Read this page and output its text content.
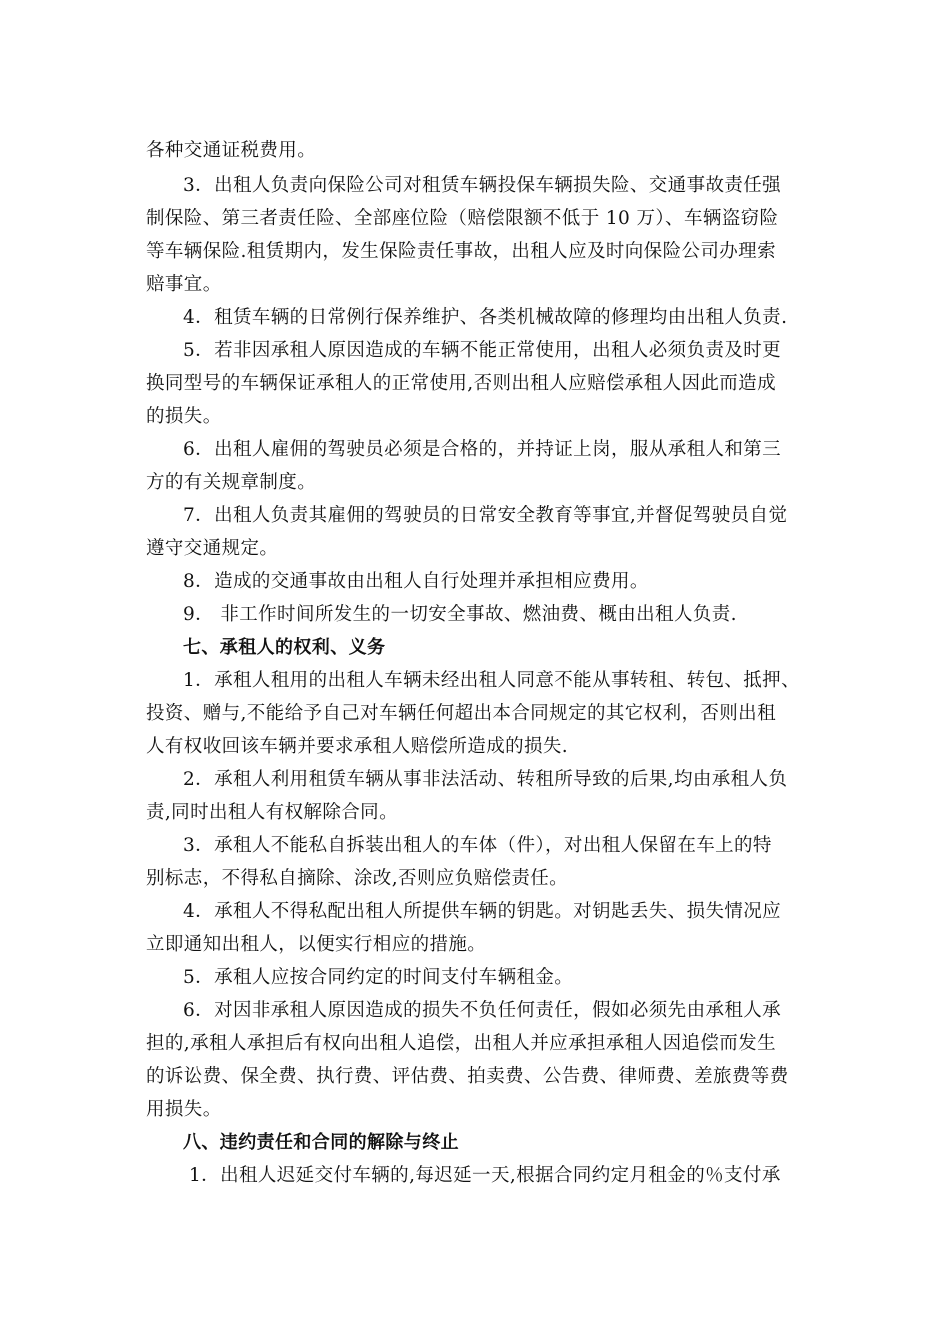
各种交通证税费用。
3．出租人负责向保险公司对租赁车辆投保车辆损失险、交通事故责任强
制保险、第三者责任险、全部座位险（赔偿限额不低于 10 万）、车辆盗窃险
等车辆保险.租赁期内，发生保险责任事故，出租人应及时向保险公司办理索
赔事宜。
4．租赁车辆的日常例行保养维护、各类机械故障的修理均由出租人负责.
5．若非因承租人原因造成的车辆不能正常使用，出租人必须负责及时更
换同型号的车辆保证承租人的正常使用,否则出租人应赔偿承租人因此而造成
的损失。
6．出租人雇佣的驾驶员必须是合格的，并持证上岗，服从承租人和第三
方的有关规章制度。
7．出租人负责其雇佣的驾驶员的日常安全教育等事宜,并督促驾驶员自觉
遵守交通规定。
8．造成的交通事故由出租人自行处理并承担相应费用。
9． 非工作时间所发生的一切安全事故、燃油费、概由出租人负责.
七、承租人的权利、义务
1．承租人租用的出租人车辆未经出租人同意不能从事转租、转包、抵押、
投资、赠与,不能给予自己对车辆任何超出本合同规定的其它权利，否则出租
人有权收回该车辆并要求承租人赔偿所造成的损失.
2．承租人利用租赁车辆从事非法活动、转租所导致的后果,均由承租人负
责,同时出租人有权解除合同。
3．承租人不能私自拆装出租人的车体（件），对出租人保留在车上的特
别标志，不得私自摘除、涂改,否则应负赔偿责任。
4．承租人不得私配出租人所提供车辆的钥匙。对钥匙丢失、损失情况应
立即通知出租人，以便实行相应的措施。
5．承租人应按合同约定的时间支付车辆租金。
6．对因非承租人原因造成的损失不负任何责任，假如必须先由承租人承
担的,承租人承担后有权向出租人追偿，出租人并应承担承租人因追偿而发生
的诉讼费、保全费、执行费、评估费、拍卖费、公告费、律师费、差旅费等费
用损失。
八、违约责任和合同的解除与终止
1．出租人迟延交付车辆的,每迟延一天,根据合同约定月租金的％支付承
